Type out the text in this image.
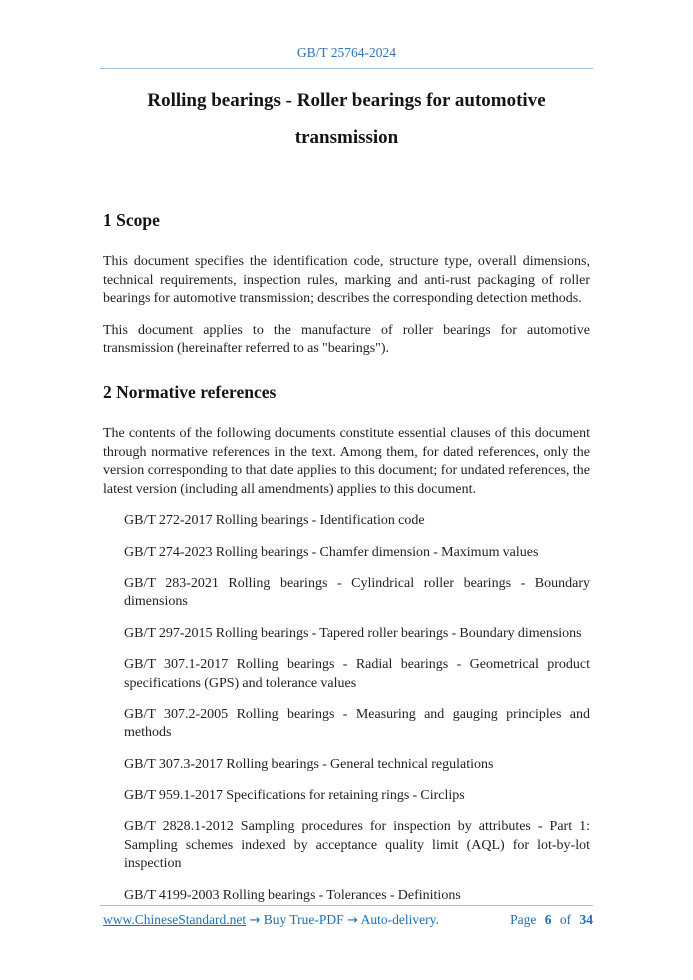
GB/T 25764-2024
Rolling bearings - Roller bearings for automotive
transmission
1 Scope

This document specifies the identification code, structure type, overall dimensions, technical requirements, inspection rules, marking and anti-rust packaging of roller bearings for automotive transmission; describes the corresponding detection methods.

This document applies to the manufacture of roller bearings for automotive transmission (hereinafter referred to as "bearings").

2 Normative references

The contents of the following documents constitute essential clauses of this document through normative references in the text. Among them, for dated references, only the version corresponding to that date applies to this document; for undated references, the latest version (including all amendments) applies to this document.

GB/T 272-2017 Rolling bearings - Identification code

GB/T 274-2023 Rolling bearings - Chamfer dimension - Maximum values

GB/T 283-2021 Rolling bearings - Cylindrical roller bearings - Boundary dimensions

GB/T 297-2015 Rolling bearings - Tapered roller bearings - Boundary dimensions

GB/T 307.1-2017 Rolling bearings - Radial bearings - Geometrical product specifications (GPS) and tolerance values

GB/T 307.2-2005 Rolling bearings - Measuring and gauging principles and methods

GB/T 307.3-2017 Rolling bearings - General technical regulations

GB/T 959.1-2017 Specifications for retaining rings - Circlips

GB/T 2828.1-2012 Sampling procedures for inspection by attributes - Part 1: Sampling schemes indexed by acceptance quality limit (AQL) for lot-by-lot inspection

GB/T 4199-2003 Rolling bearings - Tolerances - Definitions

www.ChineseStandard.net → Buy True-PDF → Auto-delivery.	Page 6 of 34
